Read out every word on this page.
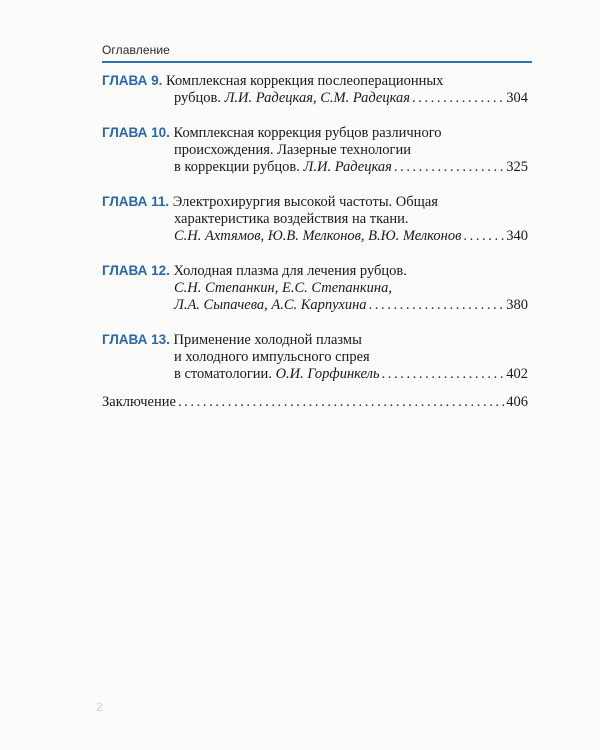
Оглавление
ГЛАВА 9. Комплексная коррекция послеоперационных
рубцов. Л.И. Радецкая, С.М. Радецкая .....	304
ГЛАВА 10. Комплексная коррекция рубцов различного
происхождения. Лазерные технологии
в коррекции рубцов. Л.И. Радецкая .....	325
ГЛАВА 11. Электрохирургия высокой частоты. Общая
характеристика воздействия на ткани.
С.Н. Ахтямов, Ю.В. Мелконов, В.Ю. Мелконов .....	340
ГЛАВА 12. Холодная плазма для лечения рубцов.
С.Н. Степанкин, Е.С. Степанкина,
Л.А. Сыпачева, А.С. Карпухина .....	380
ГЛАВА 13. Применение холодной плазмы
и холодного импульсного спрея
в стоматологии. О.И. Горфинкель .....	402
Заключение .....	406
2
